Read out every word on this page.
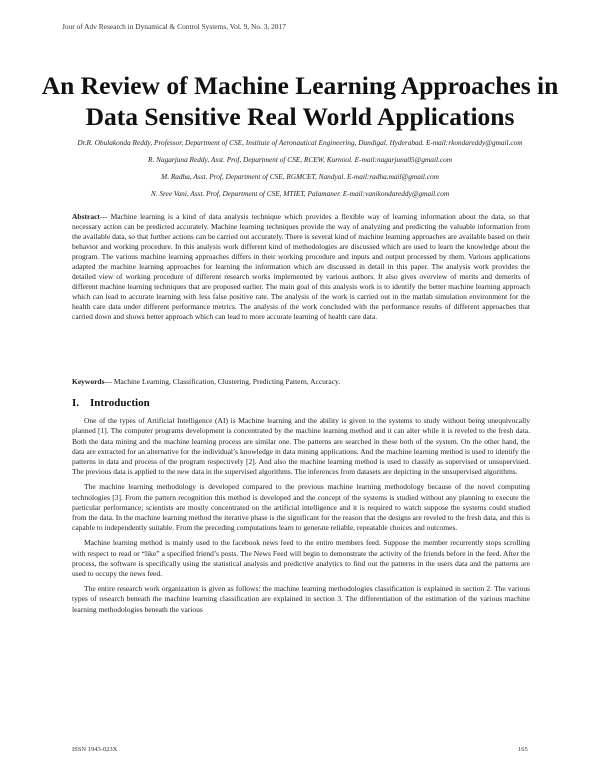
Jour of Adv Research in Dynamical & Control Systems, Vol. 9, No. 3, 2017
An Review of Machine Learning Approaches in Data Sensitive Real World Applications

Dr.R. Obulakonda Reddy, Professor, Department of CSE, Institute of Aeronautical Engineering, Dundigal, Hyderabad. E-mail:rkondareddy@gmail.com

R. Nagarjuna Reddy, Asst. Prof, Department of CSE, RCEW, Kurnool. E-mail:nagarjuna05@gmail.com

M. Radha, Asst. Prof, Department of CSE, RGMCET, Nandyal. E-mail:radha.mail@gmail.com

N. Sree Vani, Asst. Prof, Department of CSE, MTIET, Palamaner. E-mail:vanikondareddy@gmail.com

Abstract--- Machine learning is a kind of data analysis technique which provides a flexible way of learning information about the data, so that necessary action can be predicted accurately. Machine learning techniques provide the way of analyzing and predicting the valuable information from the available data, so that further actions can be carried out accurately. There is several kind of machine learning approaches are available based on their behavior and working procedure. In this analysis work different kind of methodologies are discussed which are used to learn the knowledge about the program. The various machine learning approaches differs in their working procedure and inputs and output processed by them. Various applications adapted the machine learning approaches for learning the information which are discussed in detail in this paper. The analysis work provides the detailed view of working procedure of different research works implemented by various authors. It also gives overview of merits and demerits of different machine learning techniques that are proposed earlier. The main goal of this analysis work is to identify the better machine learning approach which can lead to accurate learning with less false positive rate. The analysis of the work is carried out in the matlab simulation environment for the health care data under different performance metrics. The analysis of the work concluded with the performance results of different approaches that carried down and shows better approach which can lead to more accurate learning of health care data.
Keywords--- Machine Learning, Classification, Clustering, Predicting Pattern, Accuracy.
I. Introduction

One of the types of Artificial Intelligence (AI) is Machine learning and the ability is given to the systems to study without being unequivocally planned [1]. The computer programs development is concentrated by the machine learning method and it can alter while it is reveled to the fresh data. Both the data mining and the machine learning process are similar one. The patterns are searched in these both of the system. On the other hand, the data are extracted for an alternative for the individual’s knowledge in data mining applications. And the machine learning method is used to identify the patterns in data and process of the program respectively [2]. And also the machine learning method is used to classify as supervised or unsupervised. The previous data is applied to the new data in the supervised algorithms. The inferences from datasets are depicting in the unsupervised algorithms.

The machine learning methodology is developed compared to the previous machine learning methodology because of the novel computing technologies [3]. From the pattern recognition this method is developed and the concept of the systems is studied without any planning to execute the particular performance; scientists are mostly concentrated on the artificial intelligence and it is required to watch suppose the systems could studied from the data. In the machine learning method the iterative phase is the significant for the reason that the designs are reveled to the fresh data, and this is capable to independently suitable. From the preceding computations learn to generate reliable, repeatable choices and outcomes.

Machine learning method is mainly used to the facebook news feed to the entire members feed. Suppose the member recurrently stops scrolling with respect to read or “like” a specified friend’s posts. The News Feed will begin to demonstrate the activity of the friends before in the feed. After the process, the software is specifically using the statistical analysis and predictive analytics to find out the patterns in the users data and the patterns are used to occupy the news feed.

The entire research work organization is given as follows: the machine learning methodologies classification is explained in section 2. The various types of research beneath the machine learning classification are explained in section 3. The differentiation of the estimation of the various machine learning methodologies beneath the various

ISSN 1943-023X	165
